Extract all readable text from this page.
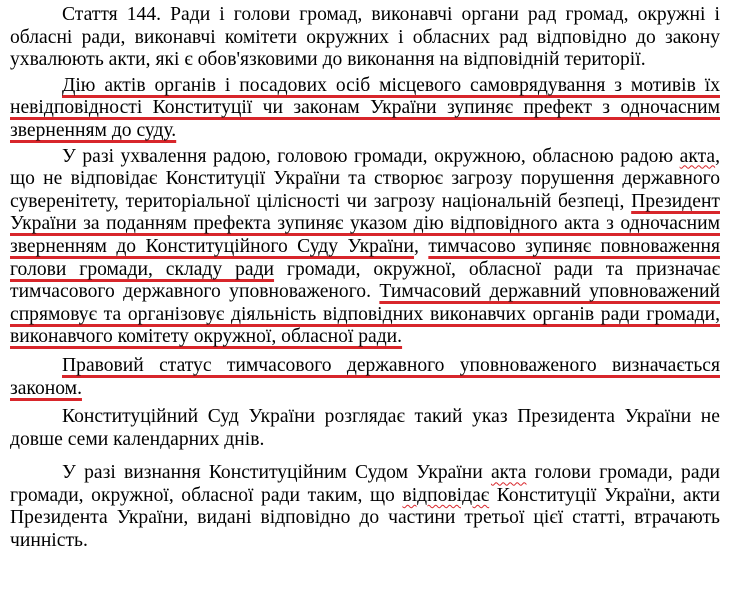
Стаття 144. Ради і голови громад, виконавчі органи рад громад, окружні і обласні ради, виконавчі комітети окружних і обласних рад відповідно до закону ухвалюють акти, які є обов'язковими до виконання на відповідній території.

Дію актів органів і посадових осіб місцевого самоврядування з мотивів їх невідповідності Конституції чи законам України зупиняє префект з одночасним зверненням до суду.

У разі ухвалення радою, головою громади, окружною, обласною радою акта, що не відповідає Конституції України та створює загрозу порушення державного суверенітету, територіальної цілісності чи загрозу національній безпеці, Президент України за поданням префекта зупиняє указом дію відповідного акта з одночасним зверненням до Конституційного Суду України, тимчасово зупиняє повноваження голови громади, складу ради громади, окружної, обласної ради та призначає тимчасового державного уповноваженого. Тимчасовий державний уповноважений спрямовує та організовує діяльність відповідних виконавчих органів ради громади, виконавчого комітету окружної, обласної ради.

Правовий статус тимчасового державного уповноваженого визначається законом.

Конституційний Суд України розглядає такий указ Президента України не довше семи календарних днів.

У разі визнання Конституційним Судом України акта голови громади, ради громади, окружної, обласної ради таким, що відповідає Конституції України, акти Президента України, видані відповідно до частини третьої цієї статті, втрачають чинність.
